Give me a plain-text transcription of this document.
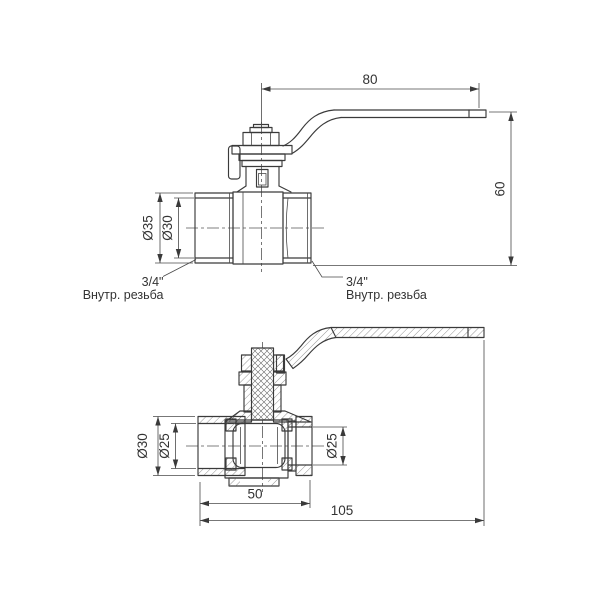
80
60
Ø35 Ø30
3/4"
Внутр. резьба
3/4"
Внутр. резьба
Ø30 Ø25	Ø25
50
105
